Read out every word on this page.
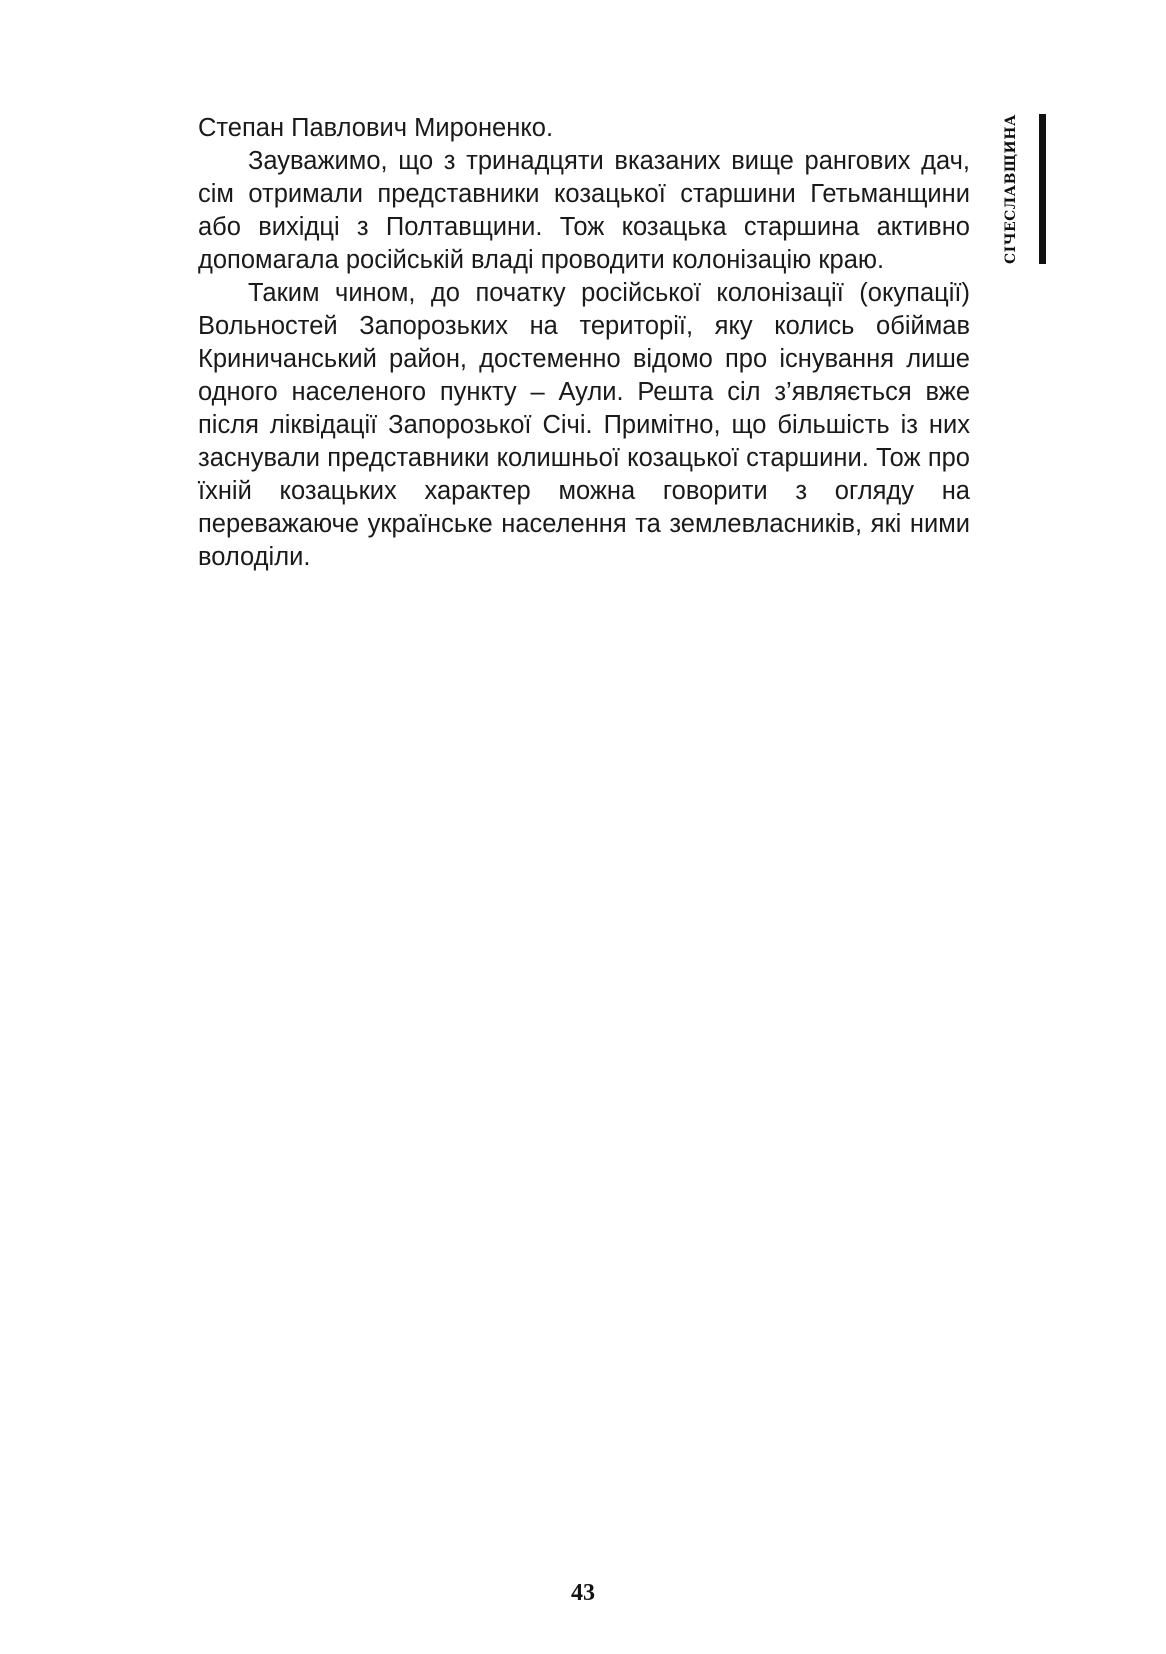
Степан Павлович Мироненко.

Зауважимо, що з тринадцяти вказаних вище рангових дач, сім отримали представники козацької старшини Гетьманщини або вихідці з Полтавщини. Тож козацька старшина активно допомагала російській владі проводити колонізацію краю.

Таким чином, до початку російської колонізації (окупації) Вольностей Запорозьких на території, яку колись обіймав Криничанський район, достеменно відомо про існування лише одного населеного пункту – Аули. Решта сіл з’являється вже після ліквідації Запорозької Січі. Примітно, що більшість із них заснували представники колишньої козацької старшини. Тож про їхній козацьких характер можна говорити з огляду на переважаюче українське населення та землевласників, які ними володіли.

СІЧЕСЛАВЩИНА
43
